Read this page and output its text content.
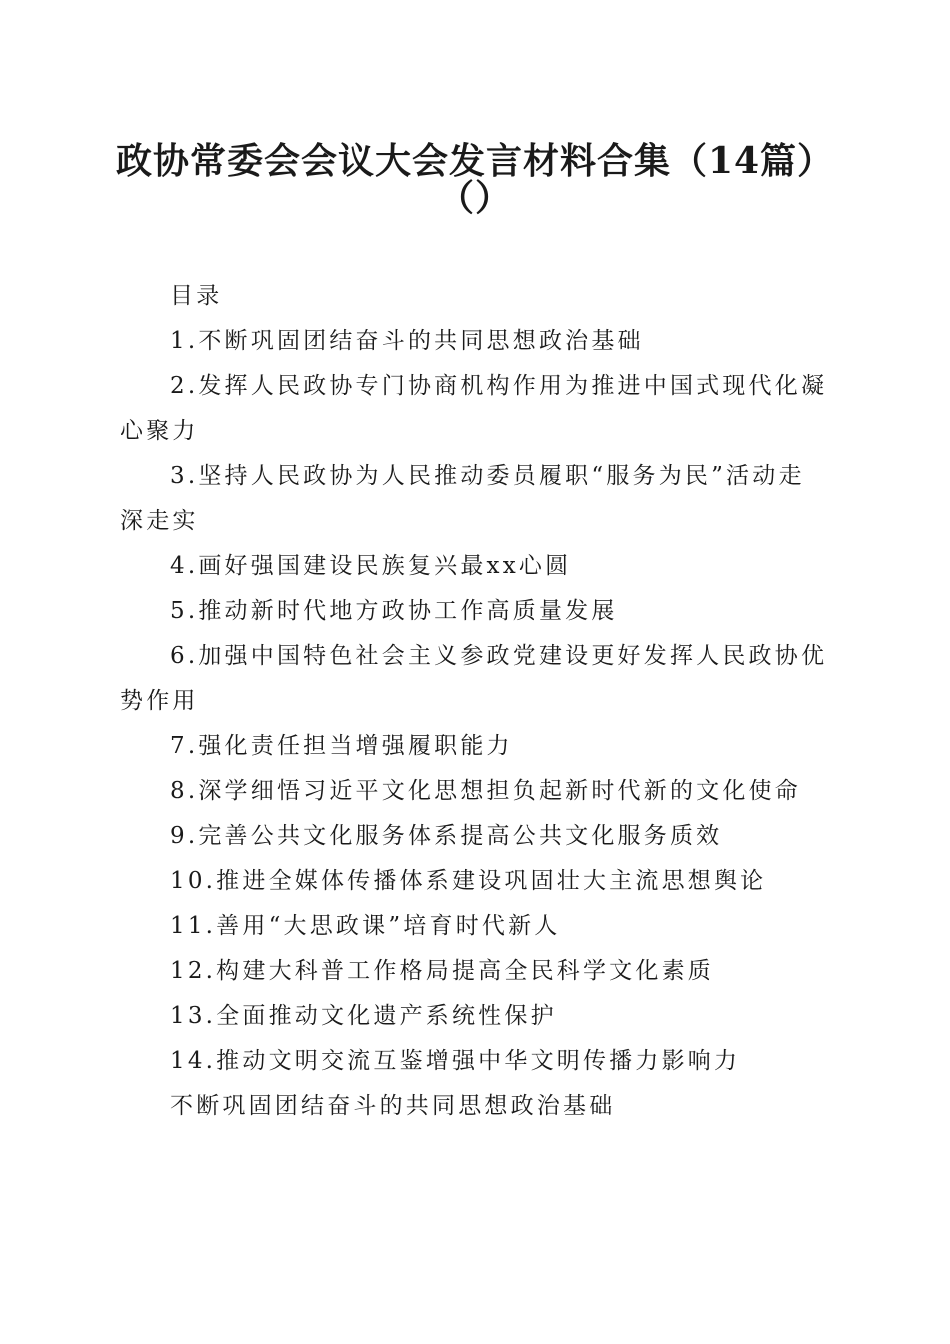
政协常委会会议大会发言材料合集（14篇）
（）

目录

1.不断巩固团结奋斗的共同思想政治基础

2.发挥人民政协专门协商机构作用为推进中国式现代化凝心聚力

3.坚持人民政协为人民推动委员履职“服务为民”活动走深走实

4.画好强国建设民族复兴最xx心圆

5.推动新时代地方政协工作高质量发展

6.加强中国特色社会主义参政党建设更好发挥人民政协优势作用

7.强化责任担当增强履职能力

8.深学细悟习近平文化思想担负起新时代新的文化使命

9.完善公共文化服务体系提高公共文化服务质效

10.推进全媒体传播体系建设巩固壮大主流思想舆论

11.善用“大思政课”培育时代新人

12.构建大科普工作格局提高全民科学文化素质

13.全面推动文化遗产系统性保护

14.推动文明交流互鉴增强中华文明传播力影响力

不断巩固团结奋斗的共同思想政治基础
